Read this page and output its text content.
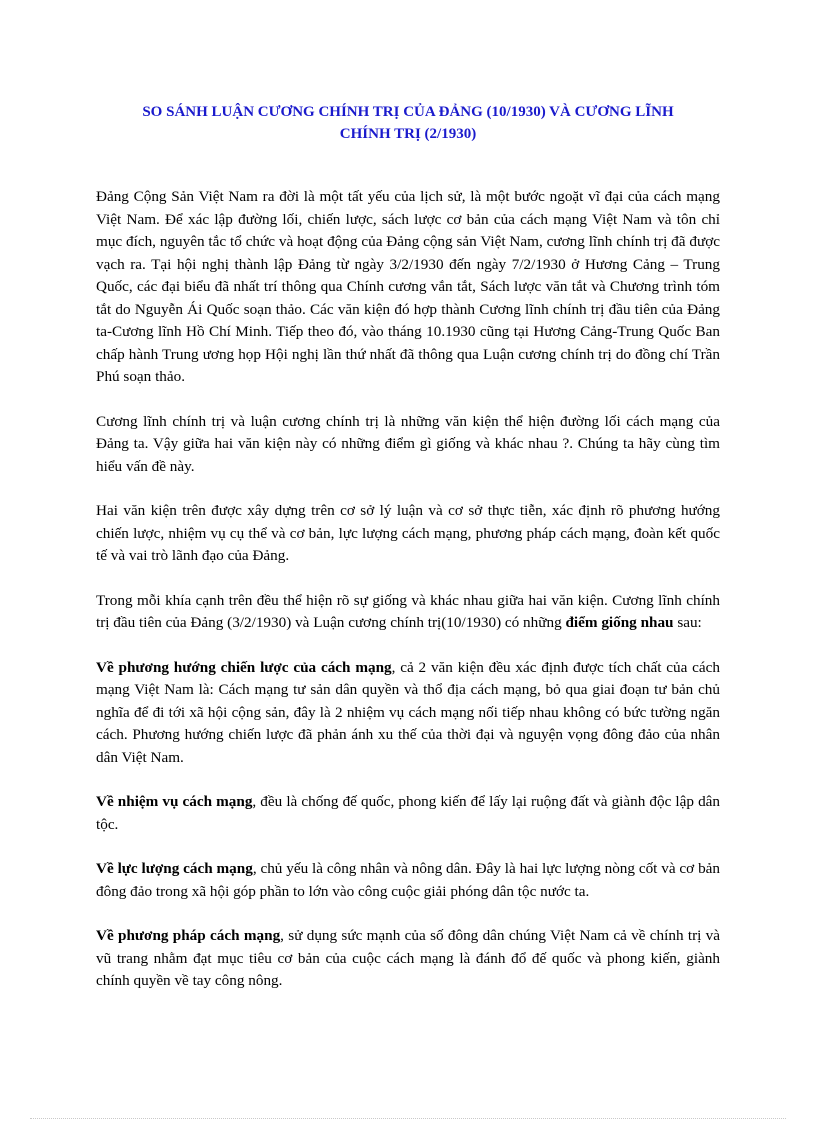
SO SÁNH LUẬN CƯƠNG CHÍNH TRỊ CỦA ĐẢNG (10/1930) VÀ CƯƠNG LĨNH
CHÍNH TRỊ (2/1930)

Đảng Cộng Sản Việt Nam ra đời là một tất yếu của lịch sử, là một bước ngoặt vĩ đại của cách mạng Việt Nam. Để xác lập đường lối, chiến lược, sách lược cơ bản của cách mạng Việt Nam và tôn chỉ mục đích, nguyên tắc tổ chức và hoạt động của Đảng cộng sản Việt Nam, cương lĩnh chính trị đã được vạch ra. Tại hội nghị thành lập Đảng từ ngày 3/2/1930 đến ngày 7/2/1930 ở Hương Cảng – Trung Quốc, các đại biểu đã nhất trí thông qua Chính cương vắn tắt, Sách lược văn tắt và Chương trình tóm tắt do Nguyễn Ái Quốc soạn thảo. Các văn kiện đó hợp thành Cương lĩnh chính trị đầu tiên của Đảng ta-Cương lĩnh Hồ Chí Minh. Tiếp theo đó, vào tháng 10.1930 cũng tại Hương Cảng-Trung Quốc Ban chấp hành Trung ương họp Hội nghị lần thứ nhất đã thông qua Luận cương chính trị do đồng chí Trần Phú soạn thảo.

Cương lĩnh chính trị và luận cương chính trị là những văn kiện thể hiện đường lối cách mạng của Đảng ta. Vậy giữa hai văn kiện này có những điểm gì giống và khác nhau ?. Chúng ta hãy cùng tìm hiểu vấn đề này.

Hai văn kiện trên được xây dựng trên cơ sở lý luận và cơ sở thực tiễn, xác định rõ phương hướng chiến lược, nhiệm vụ cụ thể và cơ bản, lực lượng cách mạng, phương pháp cách mạng, đoàn kết quốc tế và vai trò lãnh đạo của Đảng.

Trong mỗi khía cạnh trên đều thể hiện rõ sự giống và khác nhau giữa hai văn kiện. Cương lĩnh chính trị đầu tiên của Đảng (3/2/1930) và Luận cương chính trị(10/1930) có những điểm giống nhau sau:

Về phương hướng chiến lược của cách mạng, cả 2 văn kiện đều xác định được tích chất của cách mạng Việt Nam là: Cách mạng tư sản dân quyền và thổ địa cách mạng, bỏ qua giai đoạn tư bản chủ nghĩa để đi tới xã hội cộng sản, đây là 2 nhiệm vụ cách mạng nối tiếp nhau không có bức tường ngăn cách. Phương hướng chiến lược đã phản ánh xu thế của thời đại và nguyện vọng đông đảo của nhân dân Việt Nam.

Về nhiệm vụ cách mạng, đều là chống đế quốc, phong kiến để lấy lại ruộng đất và giành độc lập dân tộc.

Về lực lượng cách mạng, chủ yếu là công nhân và nông dân. Đây là hai lực lượng nòng cốt và cơ bản đông đảo trong xã hội góp phần to lớn vào công cuộc giải phóng dân tộc nước ta.

Về phương pháp cách mạng, sử dụng sức mạnh của số đông dân chúng Việt Nam cả về chính trị và vũ trang nhằm đạt mục tiêu cơ bản của cuộc cách mạng là đánh đổ đế quốc và phong kiến, giành chính quyền về tay công nông.
